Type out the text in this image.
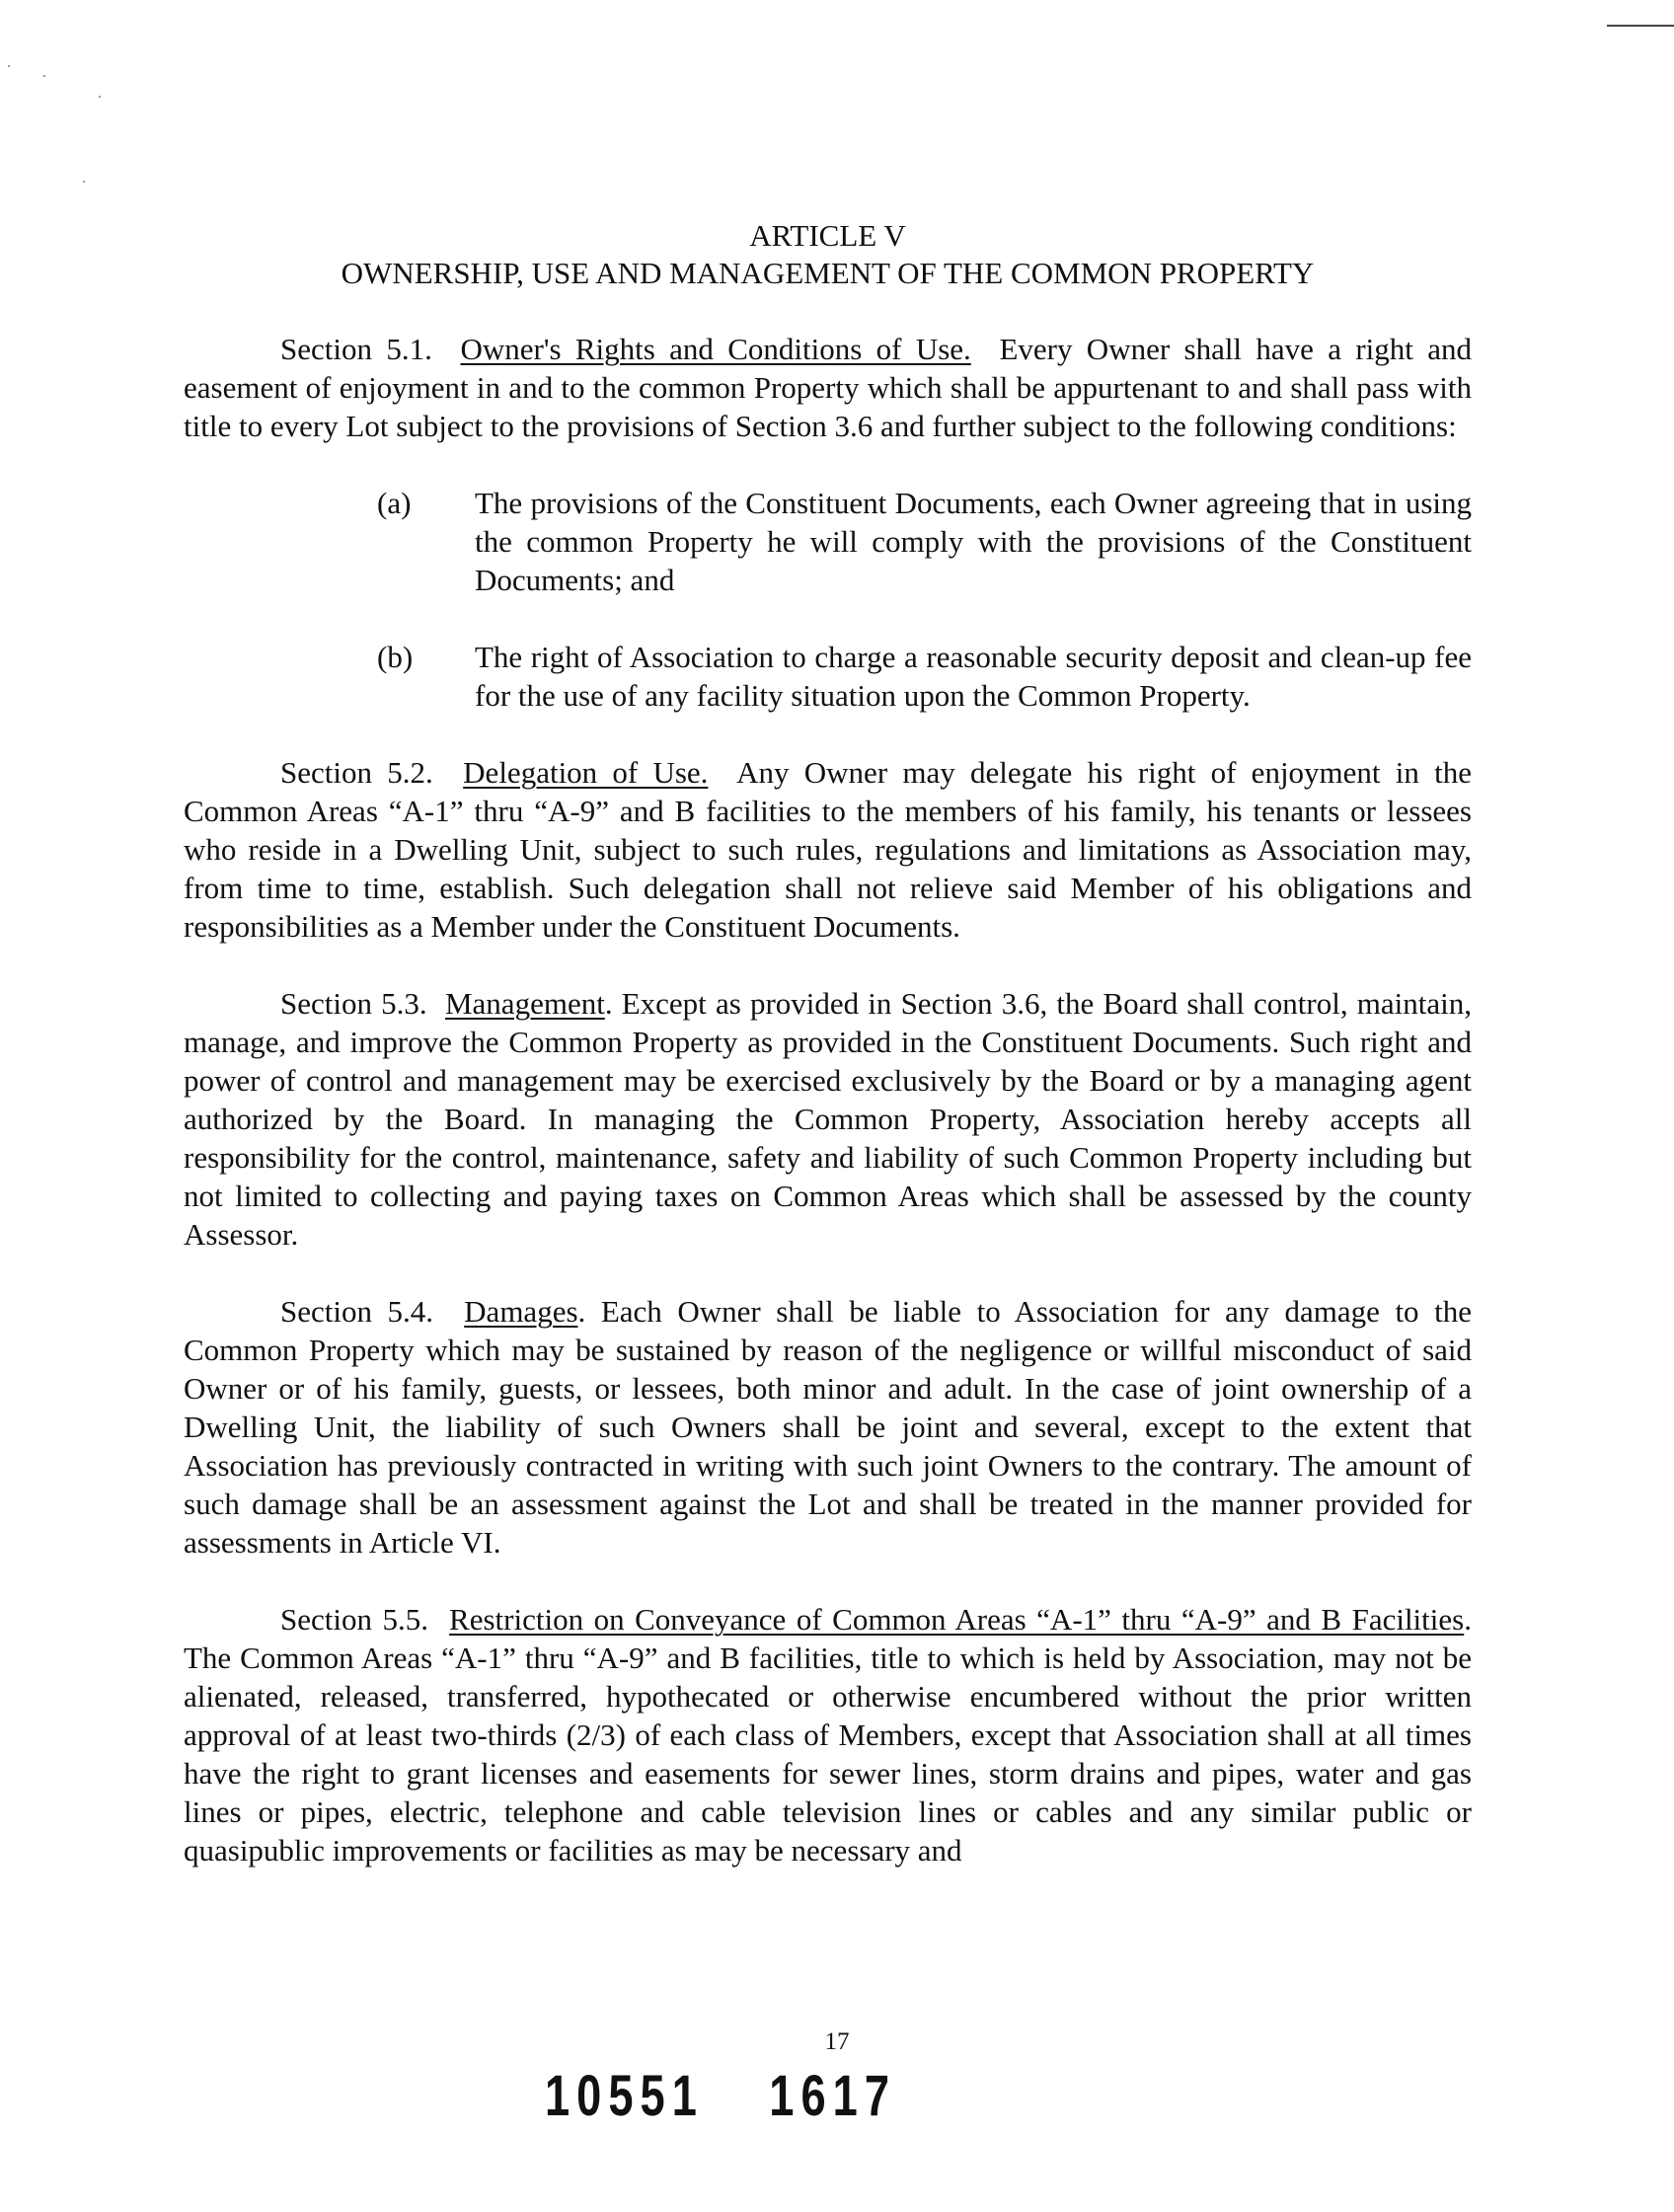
ARTICLE V

OWNERSHIP, USE AND MANAGEMENT OF THE COMMON PROPERTY

Section 5.1. Owner's Rights and Conditions of Use. Every Owner shall have a right and easement of enjoyment in and to the common Property which shall be appurtenant to and shall pass with title to every Lot subject to the provisions of Section 3.6 and further subject to the following conditions:

(a) The provisions of the Constituent Documents, each Owner agreeing that in using the common Property he will comply with the provisions of the Constituent Documents; and
(b) The right of Association to charge a reasonable security deposit and clean-up fee for the use of any facility situation upon the Common Property.

Section 5.2. Delegation of Use. Any Owner may delegate his right of enjoyment in the Common Areas “A-1” thru “A-9” and B facilities to the members of his family, his tenants or lessees who reside in a Dwelling Unit, subject to such rules, regulations and limitations as Association may, from time to time, establish. Such delegation shall not relieve said Member of his obligations and responsibilities as a Member under the Constituent Documents.

Section 5.3. Management. Except as provided in Section 3.6, the Board shall control, maintain, manage, and improve the Common Property as provided in the Constituent Documents. Such right and power of control and management may be exercised exclusively by the Board or by a managing agent authorized by the Board. In managing the Common Property, Association hereby accepts all responsibility for the control, maintenance, safety and liability of such Common Property including but not limited to collecting and paying taxes on Common Areas which shall be assessed by the county Assessor.

Section 5.4. Damages. Each Owner shall be liable to Association for any damage to the Common Property which may be sustained by reason of the negligence or willful misconduct of said Owner or of his family, guests, or lessees, both minor and adult. In the case of joint ownership of a Dwelling Unit, the liability of such Owners shall be joint and several, except to the extent that Association has previously contracted in writing with such joint Owners to the contrary. The amount of such damage shall be an assessment against the Lot and shall be treated in the manner provided for assessments in Article VI.

Section 5.5. Restriction on Conveyance of Common Areas “A-1” thru “A-9” and B Facilities. The Common Areas “A-1” thru “A-9” and B facilities, title to which is held by Association, may not be alienated, released, transferred, hypothecated or otherwise encumbered without the prior written approval of at least two-thirds (2/3) of each class of Members, except that Association shall at all times have the right to grant licenses and easements for sewer lines, storm drains and pipes, water and gas lines or pipes, electric, telephone and cable television lines or cables and any similar public or quasipublic improvements or facilities as may be necessary and

17
10551 1617
